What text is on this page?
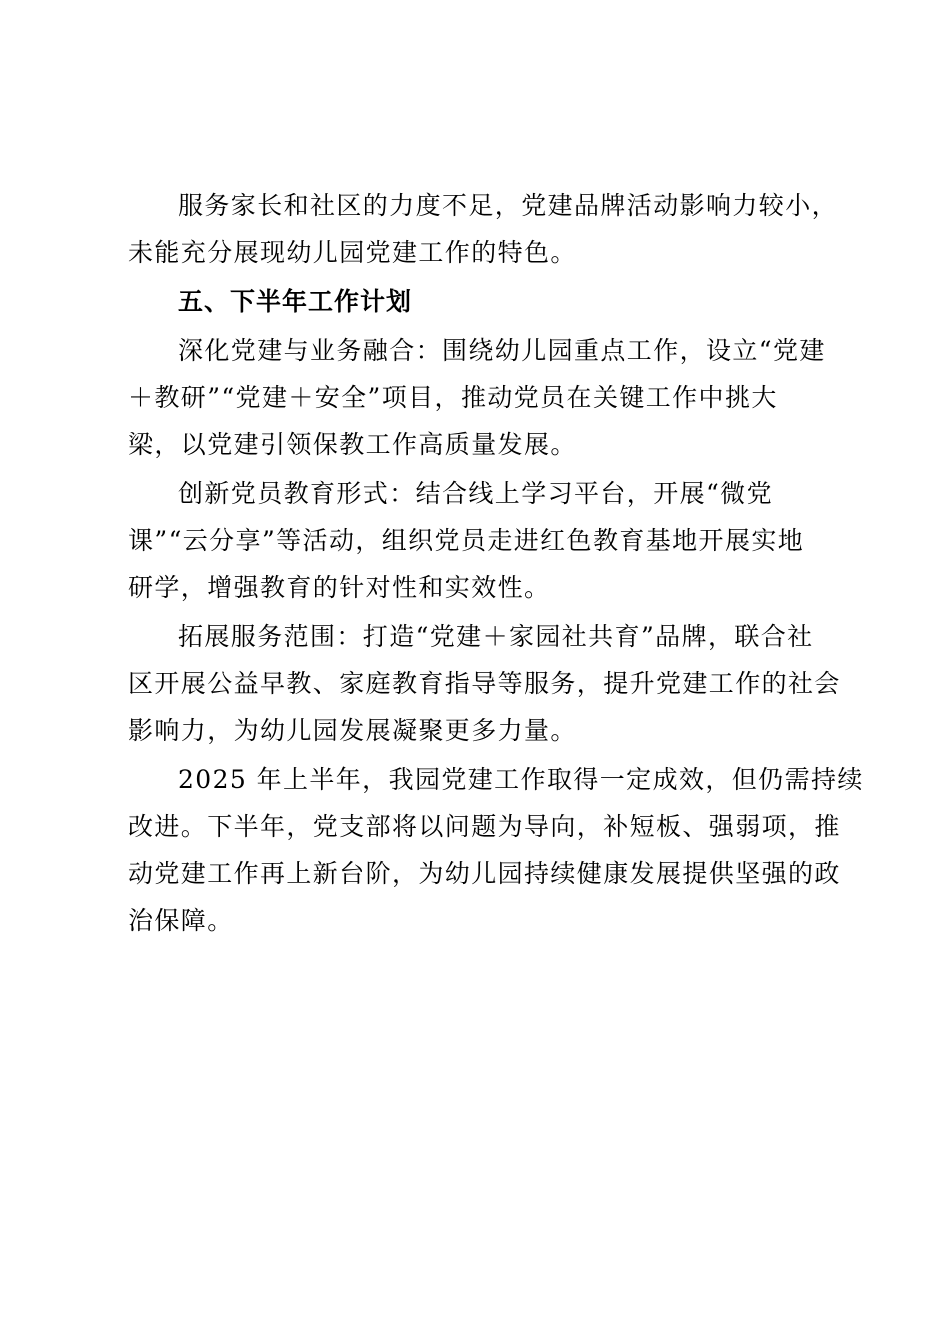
服务家长和社区的力度不足，党建品牌活动影响力较小，
未能充分展现幼儿园党建工作的特色。

五、下半年工作计划

深化党建与业务融合：围绕幼儿园重点工作，设立“党建
＋教研”“党建＋安全”项目，推动党员在关键工作中挑大
梁，以党建引领保教工作高质量发展。

创新党员教育形式：结合线上学习平台，开展“微党
课”“云分享”等活动，组织党员走进红色教育基地开展实地
研学，增强教育的针对性和实效性。

拓展服务范围：打造“党建＋家园社共育”品牌，联合社
区开展公益早教、家庭教育指导等服务，提升党建工作的社会
影响力，为幼儿园发展凝聚更多力量。

2025 年上半年，我园党建工作取得一定成效，但仍需持续
改进。下半年，党支部将以问题为导向，补短板、强弱项，推
动党建工作再上新台阶，为幼儿园持续健康发展提供坚强的政
治保障。
